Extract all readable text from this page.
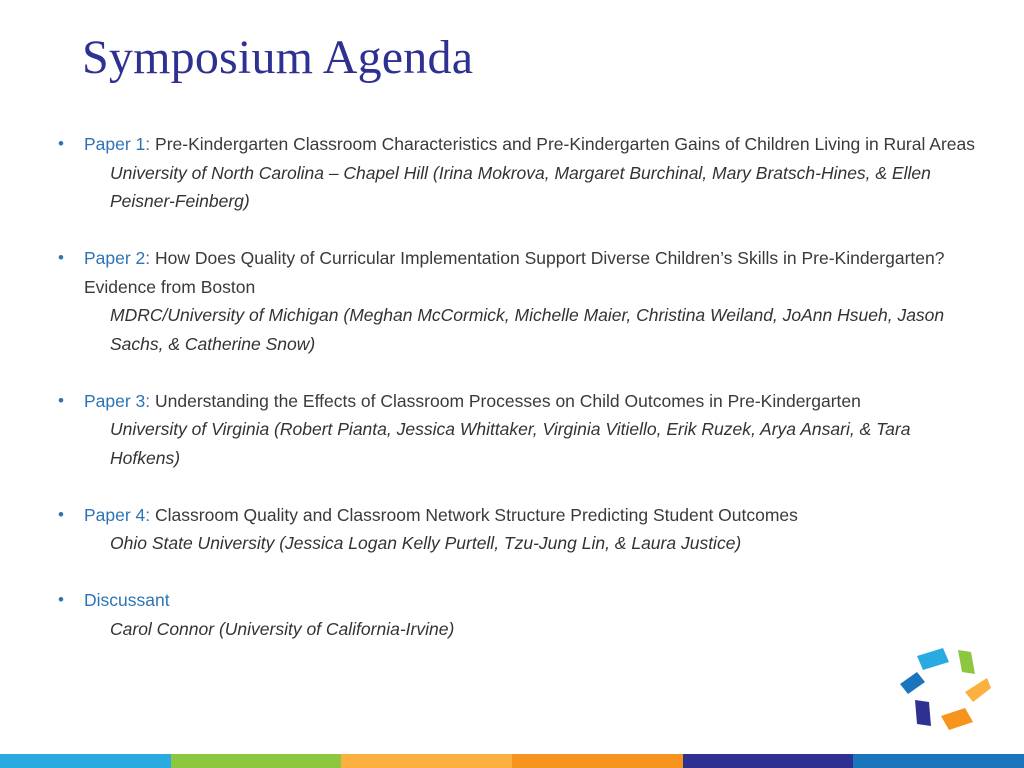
Symposium Agenda
• Paper 1: Pre-Kindergarten Classroom Characteristics and Pre-Kindergarten Gains of Children Living in Rural Areas
University of North Carolina – Chapel Hill (Irina Mokrova, Margaret Burchinal, Mary Bratsch-Hines, & Ellen Peisner-Feinberg)
• Paper 2: How Does Quality of Curricular Implementation Support Diverse Children’s Skills in Pre-Kindergarten? Evidence from Boston
MDRC/University of Michigan (Meghan McCormick, Michelle Maier, Christina Weiland, JoAnn Hsueh, Jason Sachs, & Catherine Snow)
• Paper 3: Understanding the Effects of Classroom Processes on Child Outcomes in Pre-Kindergarten
University of Virginia (Robert Pianta, Jessica Whittaker, Virginia Vitiello, Erik Ruzek, Arya Ansari, & Tara Hofkens)
• Paper 4: Classroom Quality and Classroom Network Structure Predicting Student Outcomes
Ohio State University (Jessica Logan Kelly Purtell, Tzu-Jung Lin, & Laura Justice)
• Discussant
Carol Connor (University of California-Irvine)
